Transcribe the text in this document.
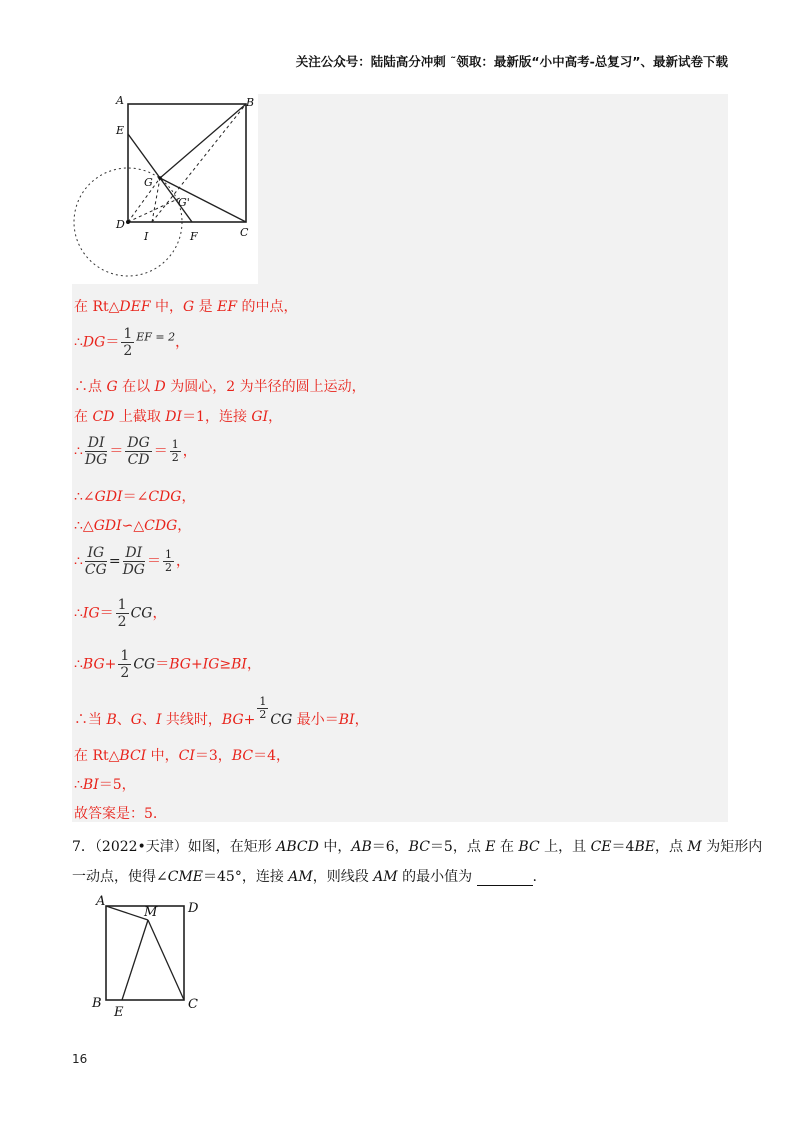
关注公众号：陆陆高分冲刺 ˜领取：最新版“小中高考-总复习”、最新试卷下载
A	B
E
G
G'
D
I	F	C
在 Rt△DEF 中，G 是 EF 的中点，
∴DG＝ $\frac{1}{2} ^{EF = 2}$，
∴点 G 在以 D 为圆心，2 为半径的圆上运动，
在 CD 上截取 DI＝1，连接 GI，
∴ $\frac{DI}{DG} = \frac{DG}{CD} = \frac{1}{2}$ ，
∴∠GDI＝∠CDG，
∴△GDI∽△CDG，
∴ $\frac{IG}{CG} = \frac{DI}{DG} = \frac{1}{2}$ ，
∴IG＝ $\frac{1}{2}$ CG，
∴BG+ $\frac{1}{2} CG=BG+IG\ge BI$，
∴当 B、G、I 共线时，$BG+ \frac{1}{2}$ CG 最小＝BI，
在 Rt△BCI 中，CI＝3，BC＝4，
∴BI＝5，
故答案是：5.
7．（2022•天津）如图，在矩形 ABCD 中，AB＝6，BC＝5，点 E 在 BC 上，且 CE＝4BE，点 M 为矩形内
一动点，使得∠CME＝45°，连接 AM，则线段 AM 的最小值为	.
A	D
M
B
E
C
16
